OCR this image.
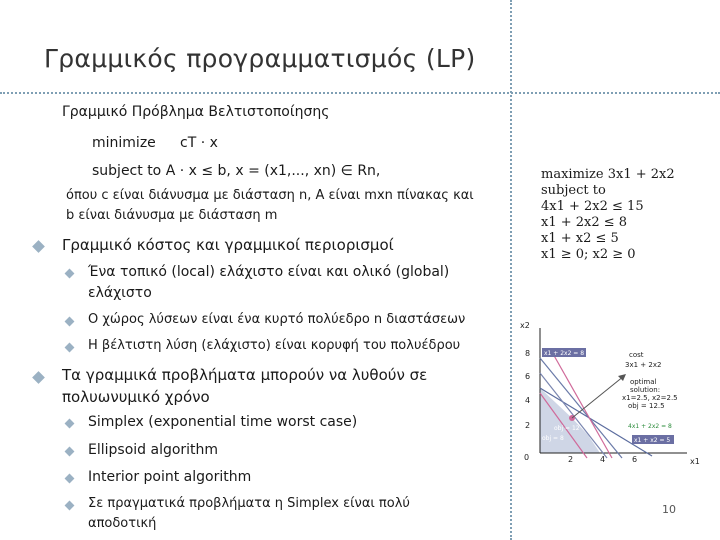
Γραμμικός προγραμματισμός (LP)
Γραμμικό Πρόβλημα Βελτιστοποίησης
minimize cT · x
subject to A · x ≤ b, x = (x1,..., xn) ∈ Rn,
όπου c είναι διάνυσμα με διάσταση n, A είναι mxn πίνακας και
b είναι διάνυσμα με διάσταση m
Γραμμικό κόστος και γραμμικοί περιορισμοί
Ένα τοπικό (local) ελάχιστο είναι και ολικό (global)
ελάχιστο
Ο χώρος λύσεων είναι ένα κυρτό πολύεδρο n διαστάσεων
Η βέλτιστη λύση (ελάχιστο) είναι κορυφή του πολυέδρου
Τα γραμμικά προβλήματα μπορούν να λυθούν σε
πολυωνυμικό χρόνο
Simplex (exponential time worst case)
Ellipsoid algorithm
Interior point algorithm
Σε πραγματικά προβλήματα η Simplex είναι πολύ
αποδοτική
maximize 3x1 + 2x2
subject to
4x1 + 2x2 ≤ 15
x1 + 2x2 ≤ 8
x1 + x2 ≤ 5
x1 ≥ 0; x2 ≥ 0
x2
x1
2
4
6
8
0	2	4	6
x1 + 2x2 = 8
4x1 + 2x2 = 8
x1 + x2 = 5
obj = 12
obj = 8
cost
3x1 + 2x2
optimal
solution:
x1=2.5, x2=2.5
obj = 12.5
10
